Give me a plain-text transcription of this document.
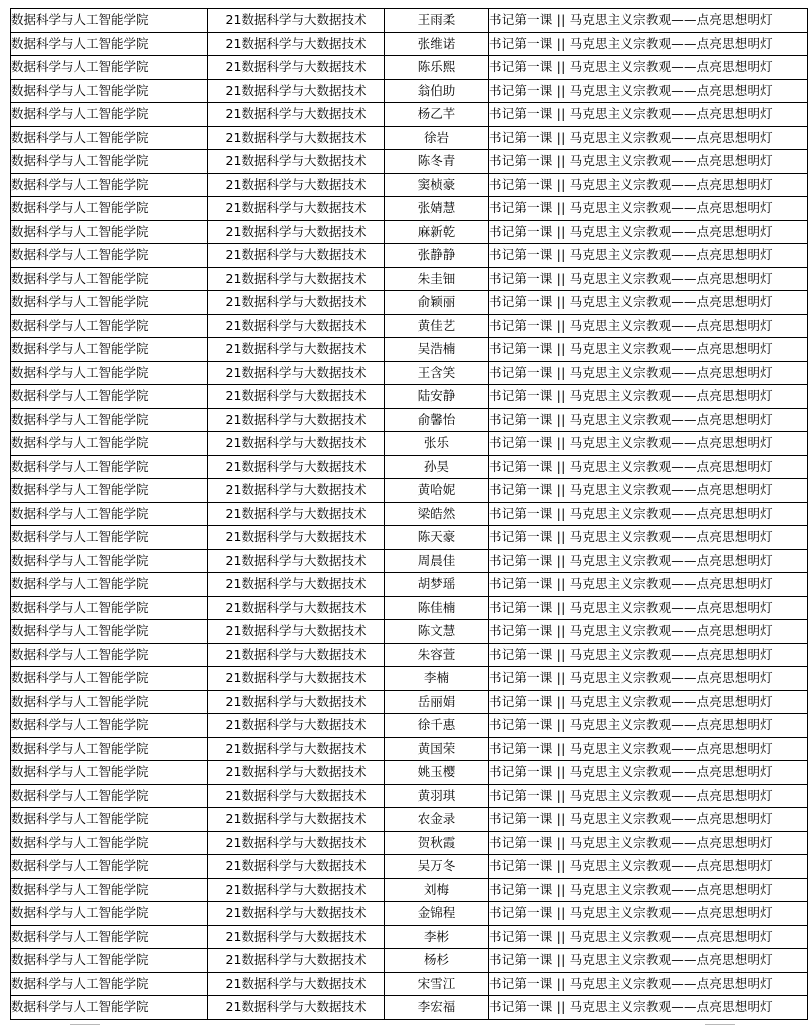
数据科学与人工智能学院	21数据科学与大数据技术	王雨柔	书记第一课 || 马克思主义宗教观——点亮思想明灯
数据科学与人工智能学院	21数据科学与大数据技术	张维诺	书记第一课 || 马克思主义宗教观——点亮思想明灯
数据科学与人工智能学院	21数据科学与大数据技术	陈乐熙	书记第一课 || 马克思主义宗教观——点亮思想明灯
数据科学与人工智能学院	21数据科学与大数据技术	翁伯助	书记第一课 || 马克思主义宗教观——点亮思想明灯
数据科学与人工智能学院	21数据科学与大数据技术	杨乙芊	书记第一课 || 马克思主义宗教观——点亮思想明灯
数据科学与人工智能学院	21数据科学与大数据技术	徐岩	书记第一课 || 马克思主义宗教观——点亮思想明灯
数据科学与人工智能学院	21数据科学与大数据技术	陈冬青	书记第一课 || 马克思主义宗教观——点亮思想明灯
数据科学与人工智能学院	21数据科学与大数据技术	窦桢豪	书记第一课 || 马克思主义宗教观——点亮思想明灯
数据科学与人工智能学院	21数据科学与大数据技术	张婧慧	书记第一课 || 马克思主义宗教观——点亮思想明灯
数据科学与人工智能学院	21数据科学与大数据技术	麻新乾	书记第一课 || 马克思主义宗教观——点亮思想明灯
数据科学与人工智能学院	21数据科学与大数据技术	张静静	书记第一课 || 马克思主义宗教观——点亮思想明灯
数据科学与人工智能学院	21数据科学与大数据技术	朱圭钿	书记第一课 || 马克思主义宗教观——点亮思想明灯
数据科学与人工智能学院	21数据科学与大数据技术	俞颖丽	书记第一课 || 马克思主义宗教观——点亮思想明灯
数据科学与人工智能学院	21数据科学与大数据技术	黄佳艺	书记第一课 || 马克思主义宗教观——点亮思想明灯
数据科学与人工智能学院	21数据科学与大数据技术	吴浩楠	书记第一课 || 马克思主义宗教观——点亮思想明灯
数据科学与人工智能学院	21数据科学与大数据技术	王含笑	书记第一课 || 马克思主义宗教观——点亮思想明灯
数据科学与人工智能学院	21数据科学与大数据技术	陆安静	书记第一课 || 马克思主义宗教观——点亮思想明灯
数据科学与人工智能学院	21数据科学与大数据技术	俞馨怡	书记第一课 || 马克思主义宗教观——点亮思想明灯
数据科学与人工智能学院	21数据科学与大数据技术	张乐	书记第一课 || 马克思主义宗教观——点亮思想明灯
数据科学与人工智能学院	21数据科学与大数据技术	孙昊	书记第一课 || 马克思主义宗教观——点亮思想明灯
数据科学与人工智能学院	21数据科学与大数据技术	黄哈妮	书记第一课 || 马克思主义宗教观——点亮思想明灯
数据科学与人工智能学院	21数据科学与大数据技术	梁皓然	书记第一课 || 马克思主义宗教观——点亮思想明灯
数据科学与人工智能学院	21数据科学与大数据技术	陈天豪	书记第一课 || 马克思主义宗教观——点亮思想明灯
数据科学与人工智能学院	21数据科学与大数据技术	周晨佳	书记第一课 || 马克思主义宗教观——点亮思想明灯
数据科学与人工智能学院	21数据科学与大数据技术	胡梦瑶	书记第一课 || 马克思主义宗教观——点亮思想明灯
数据科学与人工智能学院	21数据科学与大数据技术	陈佳楠	书记第一课 || 马克思主义宗教观——点亮思想明灯
数据科学与人工智能学院	21数据科学与大数据技术	陈文慧	书记第一课 || 马克思主义宗教观——点亮思想明灯
数据科学与人工智能学院	21数据科学与大数据技术	朱容萱	书记第一课 || 马克思主义宗教观——点亮思想明灯
数据科学与人工智能学院	21数据科学与大数据技术	李楠	书记第一课 || 马克思主义宗教观——点亮思想明灯
数据科学与人工智能学院	21数据科学与大数据技术	岳丽娟	书记第一课 || 马克思主义宗教观——点亮思想明灯
数据科学与人工智能学院	21数据科学与大数据技术	徐千惠	书记第一课 || 马克思主义宗教观——点亮思想明灯
数据科学与人工智能学院	21数据科学与大数据技术	黄国荣	书记第一课 || 马克思主义宗教观——点亮思想明灯
数据科学与人工智能学院	21数据科学与大数据技术	姚玉樱	书记第一课 || 马克思主义宗教观——点亮思想明灯
数据科学与人工智能学院	21数据科学与大数据技术	黄羽琪	书记第一课 || 马克思主义宗教观——点亮思想明灯
数据科学与人工智能学院	21数据科学与大数据技术	农金录	书记第一课 || 马克思主义宗教观——点亮思想明灯
数据科学与人工智能学院	21数据科学与大数据技术	贺秋霞	书记第一课 || 马克思主义宗教观——点亮思想明灯
数据科学与人工智能学院	21数据科学与大数据技术	吴万冬	书记第一课 || 马克思主义宗教观——点亮思想明灯
数据科学与人工智能学院	21数据科学与大数据技术	刘梅	书记第一课 || 马克思主义宗教观——点亮思想明灯
数据科学与人工智能学院	21数据科学与大数据技术	金锦程	书记第一课 || 马克思主义宗教观——点亮思想明灯
数据科学与人工智能学院	21数据科学与大数据技术	李彬	书记第一课 || 马克思主义宗教观——点亮思想明灯
数据科学与人工智能学院	21数据科学与大数据技术	杨杉	书记第一课 || 马克思主义宗教观——点亮思想明灯
数据科学与人工智能学院	21数据科学与大数据技术	宋雪江	书记第一课 || 马克思主义宗教观——点亮思想明灯
数据科学与人工智能学院	21数据科学与大数据技术	李宏福	书记第一课 || 马克思主义宗教观——点亮思想明灯
